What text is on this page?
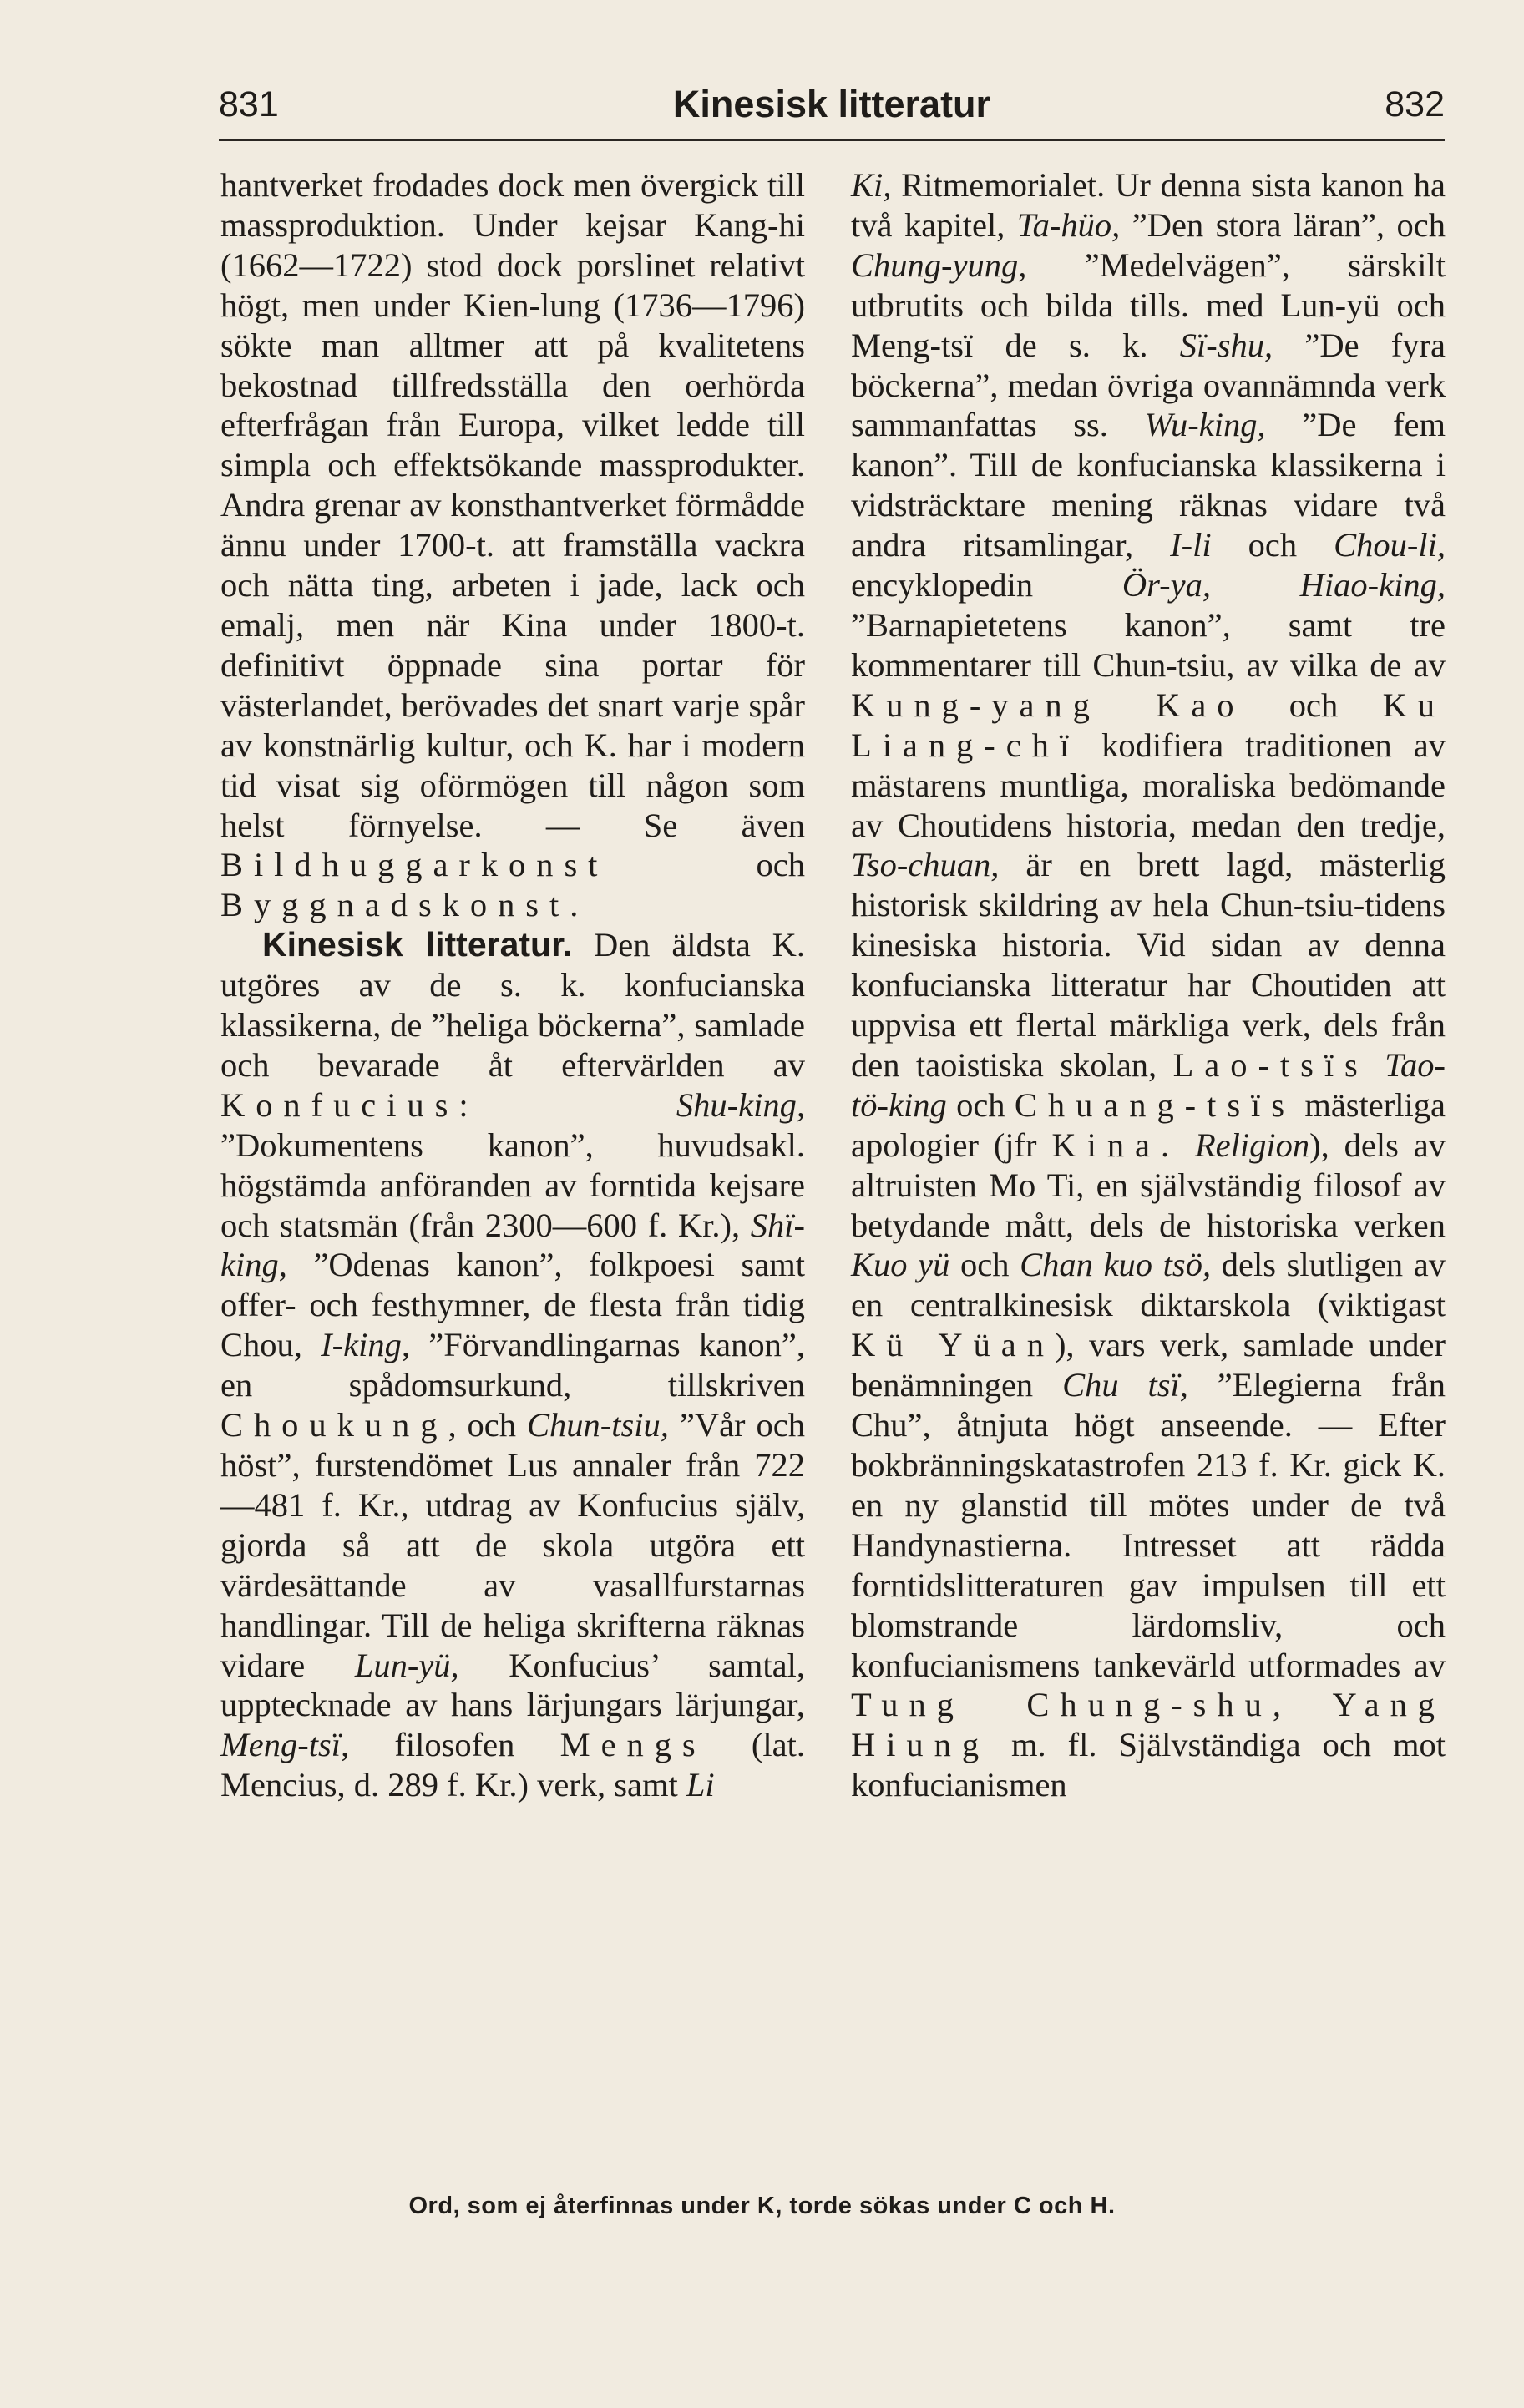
831	Kinesisk litteratur	832

hantverket frodades dock men övergick till massproduktion. Under kejsar Kang-hi (1662—1722) stod dock porslinet relativt högt, men under Kien-lung (1736—1796) sökte man alltmer att på kvalitetens bekostnad tillfredsställa den oerhörda efterfrågan från Europa, vilket ledde till simpla och effektsökande massprodukter. Andra grenar av konsthantverket förmådde ännu under 1700-t. att framställa vackra och nätta ting, arbeten i jade, lack och emalj, men när Kina under 1800-t. definitivt öppnade sina portar för västerlandet, berövades det snart varje spår av konstnärlig kultur, och K. har i modern tid visat sig oförmögen till någon som helst förnyelse. — Se även Bildhuggarkonst och Byggnadskonst.

Kinesisk litteratur. Den äldsta K. utgöres av de s. k. konfucianska klassikerna, de ”heliga böckerna”, samlade och bevarade åt eftervärlden av Konfucius: Shu-king, ”Dokumentens kanon”, huvudsakl. högstämda anföranden av forntida kejsare och statsmän (från 2300—600 f. Kr.), Shï-king, ”Odenas kanon”, folkpoesi samt offer- och festhymner, de flesta från tidig Chou, I-king, ”Förvandlingarnas kanon”, en spådomsurkund, tillskriven Choukung, och Chun-tsiu, ”Vår och höst”, furstendömet Lus annaler från 722—481 f. Kr., utdrag av Konfucius själv, gjorda så att de skola utgöra ett värdesättande av vasallfurstarnas handlingar. Till de heliga skrifterna räknas vidare Lun-yü, Konfucius’ samtal, upptecknade av hans lärjungars lärjungar, Meng-tsï, filosofen Mengs (lat. Mencius, d. 289 f. Kr.) verk, samt Li

Ki, Ritmemorialet. Ur denna sista kanon ha två kapitel, Ta-hüo, ”Den stora läran”, och Chung-yung, ”Medelvägen”, särskilt utbrutits och bilda tills. med Lun-yü och Meng-tsï de s. k. Sï-shu, ”De fyra böckerna”, medan övriga ovannämnda verk sammanfattas ss. Wu-king, ”De fem kanon”. Till de konfucianska klassikerna i vidsträcktare mening räknas vidare två andra ritsamlingar, I-li och Chou-li, encyklopedin Ör-ya,	Hiao-king, ”Barnapietetens kanon”, samt tre kommentarer till Chun-tsiu, av vilka de av Kung-yang Kao och Ku Liang-chï kodifiera traditionen av mästarens muntliga, moraliska bedömande av Choutidens historia, medan den tredje, Tso-chuan, är en brett lagd, mästerlig historisk skildring av hela Chun-tsiu-tidens kinesiska historia. Vid sidan av denna konfucianska litteratur har Choutiden att uppvisa ett flertal märkliga verk, dels från den taoistiska skolan, Lao-tsïs Tao-tö-king och Chuang-tsïs mästerliga apologier (jfr Kina. Religion), dels av altruisten Mo Ti, en självständig filosof av betydande mått, dels de historiska verken Kuo yü och Chan kuo tsö, dels slutligen av en centralkinesisk diktarskola (viktigast Kü Yüan), vars verk, samlade under benämningen Chu tsï, ”Elegierna från Chu”, åtnjuta högt anseende. — Efter bokbränningskatastrofen 213 f. Kr. gick K. en ny glanstid till mötes under de två Handynastierna. Intresset att rädda forntidslitteraturen gav impulsen till ett blomstrande lärdomsliv, och konfucianismens tankevärld utformades av Tung Chung-shu, Yang Hiung m. fl. Självständiga och mot konfucianismen

Ord, som ej återfinnas under K, torde sökas under C och H.
